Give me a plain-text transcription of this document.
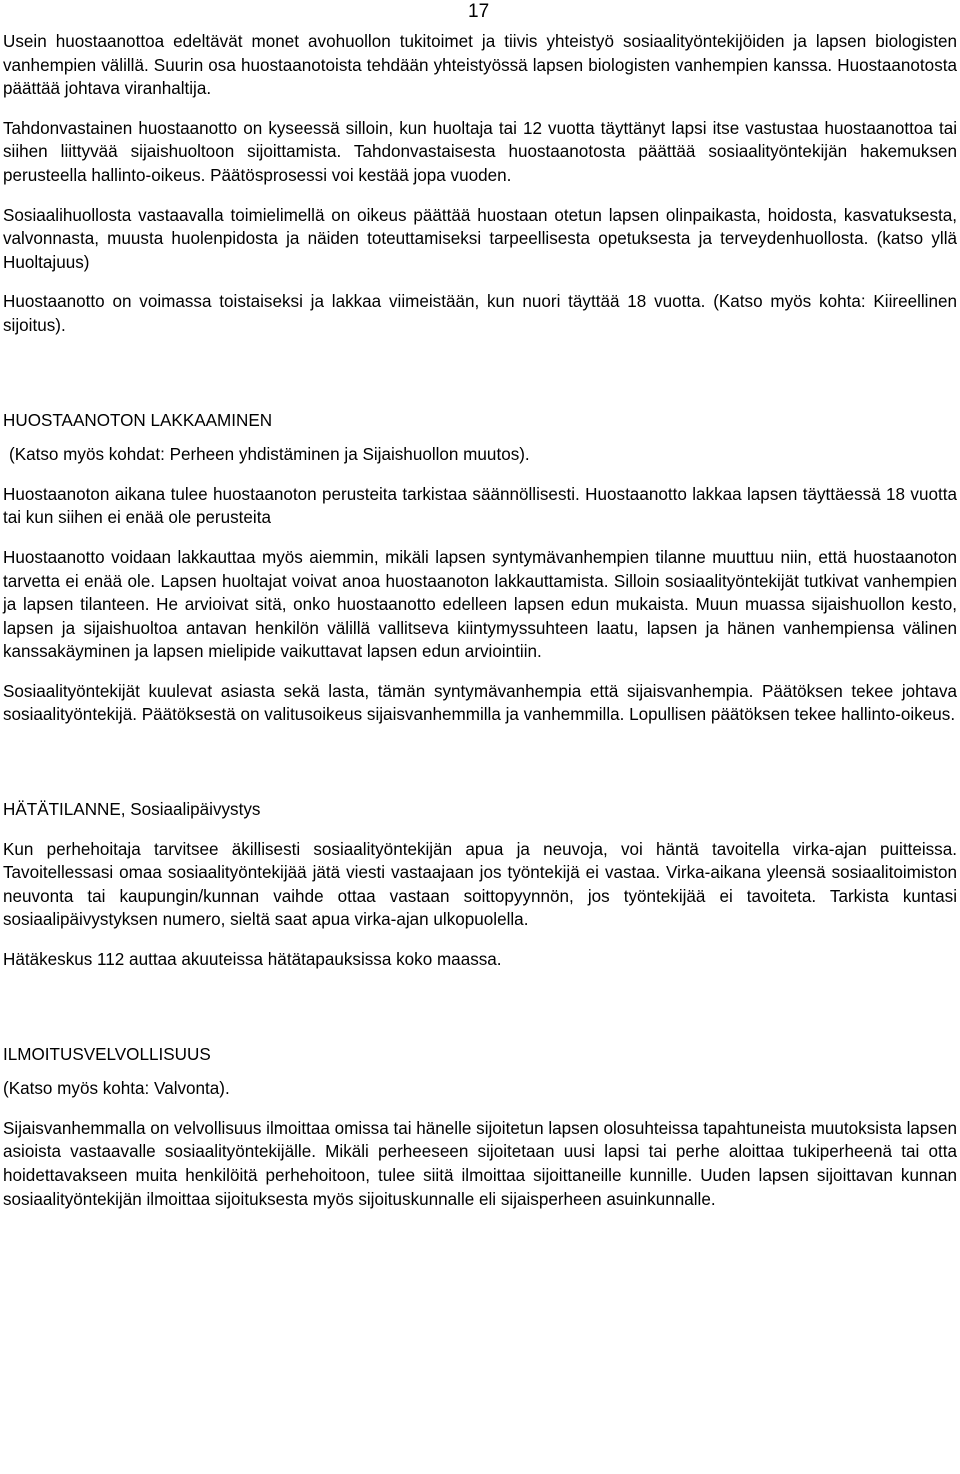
17

Usein huostaanottoa edeltävät monet avohuollon tukitoimet ja tiivis yhteistyö sosiaalityöntekijöiden ja lapsen biologisten vanhempien välillä. Suurin osa huostaanotoista tehdään yhteistyössä lapsen biologisten vanhempien kanssa. Huostaanotosta päättää johtava viranhaltija.

Tahdonvastainen huostaanotto on kyseessä silloin, kun huoltaja tai 12 vuotta täyttänyt lapsi itse vastustaa huostaanottoa tai siihen liittyvää sijaishuoltoon sijoittamista. Tahdonvastaisesta huostaanotosta päättää sosiaalityöntekijän hakemuksen perusteella hallinto-oikeus. Päätösprosessi voi kestää jopa vuoden.

Sosiaalihuollosta vastaavalla toimielimellä on oikeus päättää huostaan otetun lapsen olinpaikasta, hoidosta, kasvatuksesta, valvonnasta, muusta huolenpidosta ja näiden toteuttamiseksi tarpeellisesta opetuksesta ja terveydenhuollosta. (katso yllä Huoltajuus)

Huostaanotto on voimassa toistaiseksi ja lakkaa viimeistään, kun nuori täyttää 18 vuotta. (Katso myös kohta: Kiireellinen sijoitus).

HUOSTAANOTON LAKKAAMINEN

(Katso myös kohdat: Perheen yhdistäminen ja Sijaishuollon muutos).

Huostaanoton aikana tulee huostaanoton perusteita tarkistaa säännöllisesti. Huostaanotto lakkaa lapsen täyttäessä 18 vuotta tai kun siihen ei enää ole perusteita

Huostaanotto voidaan lakkauttaa myös aiemmin, mikäli lapsen syntymävanhempien tilanne muuttuu niin, että huostaanoton tarvetta ei enää ole. Lapsen huoltajat voivat anoa huostaanoton lakkauttamista. Silloin sosiaalityöntekijät tutkivat vanhempien ja lapsen tilanteen. He arvioivat sitä, onko huostaanotto edelleen lapsen edun mukaista. Muun muassa sijaishuollon kesto, lapsen ja sijaishuoltoa antavan henkilön välillä vallitseva kiintymyssuhteen laatu, lapsen ja hänen vanhempiensa välinen kanssakäyminen ja lapsen mielipide vaikuttavat lapsen edun arviointiin.

Sosiaalityöntekijät kuulevat asiasta sekä lasta, tämän syntymävanhempia että sijaisvanhempia. Päätöksen tekee johtava sosiaalityöntekijä. Päätöksestä on valitusoikeus sijaisvanhemmilla ja vanhemmilla. Lopullisen päätöksen tekee hallinto-oikeus.

HÄTÄTILANNE, Sosiaalipäivystys

Kun perhehoitaja tarvitsee äkillisesti sosiaalityöntekijän apua ja neuvoja, voi häntä tavoitella virka-ajan puitteissa. Tavoitellessasi omaa sosiaalityöntekijää jätä viesti vastaajaan jos työntekijä ei vastaa. Virka-aikana yleensä sosiaalitoimiston neuvonta tai kaupungin/kunnan vaihde ottaa vastaan soittopyynnön, jos työntekijää ei tavoiteta. Tarkista kuntasi sosiaalipäivystyksen numero, sieltä saat apua virka-ajan ulkopuolella.

Hätäkeskus 112 auttaa akuuteissa hätätapauksissa koko maassa.

ILMOITUSVELVOLLISUUS

(Katso myös kohta: Valvonta).

Sijaisvanhemmalla on velvollisuus ilmoittaa omissa tai hänelle sijoitetun lapsen olosuhteissa tapahtuneista muutoksista lapsen asioista vastaavalle sosiaalityöntekijälle. Mikäli perheeseen sijoitetaan uusi lapsi tai perhe aloittaa tukiperheenä tai otta hoidettavakseen muita henkilöitä perhehoitoon, tulee siitä ilmoittaa sijoittaneille kunnille. Uuden lapsen sijoittavan kunnan sosiaalityöntekijän ilmoittaa sijoituksesta myös sijoituskunnalle eli sijaisperheen asuinkunnalle.
